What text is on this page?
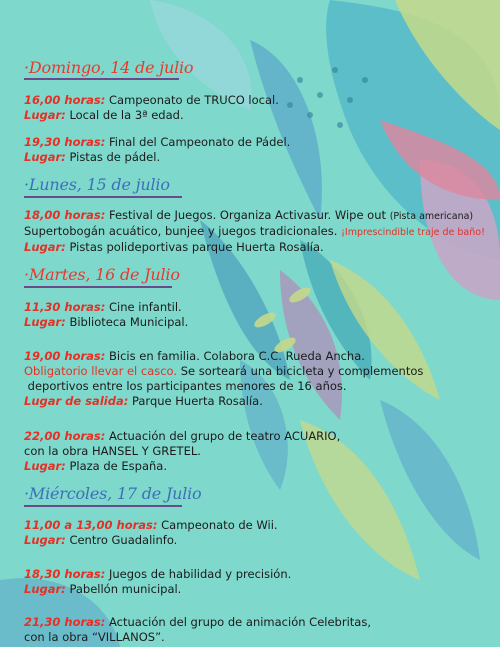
·Domingo, 14 de julio
16,00 horas: Campeonato de TRUCO local.
Lugar: Local de la 3ª edad.
19,30 horas: Final del Campeonato de Pádel.
Lugar: Pistas de pádel.
·Lunes, 15 de julio
18,00 horas: Festival de Juegos. Organiza Activasur. Wipe out (Pista americana)
Supertobogán acuático, bunjee y juegos tradicionales. ¡Imprescindible traje de baño!
Lugar: Pistas polideportivas parque Huerta Rosalía.
·Martes, 16 de Julio
11,30 horas: Cine infantil.
Lugar: Biblioteca Municipal.
19,00 horas: Bicis en familia. Colabora C.C. Rueda Ancha.
Obligatorio llevar el casco. Se sorteará una bicicleta y complementos
deportivos entre los participantes menores de 16 años.
Lugar de salida: Parque Huerta Rosalía.
22,00 horas: Actuación del grupo de teatro ACUARIO,
con la obra HANSEL Y GRETEL.
Lugar: Plaza de España.
·Miércoles, 17 de Julio
11,00 a 13,00 horas: Campeonato de Wii.
Lugar: Centro Guadalinfo.
18,30 horas: Juegos de habilidad y precisión.
Lugar: Pabellón municipal.
21,30 horas: Actuación del grupo de animación Celebritas,
con la obra “VILLANOS”.
